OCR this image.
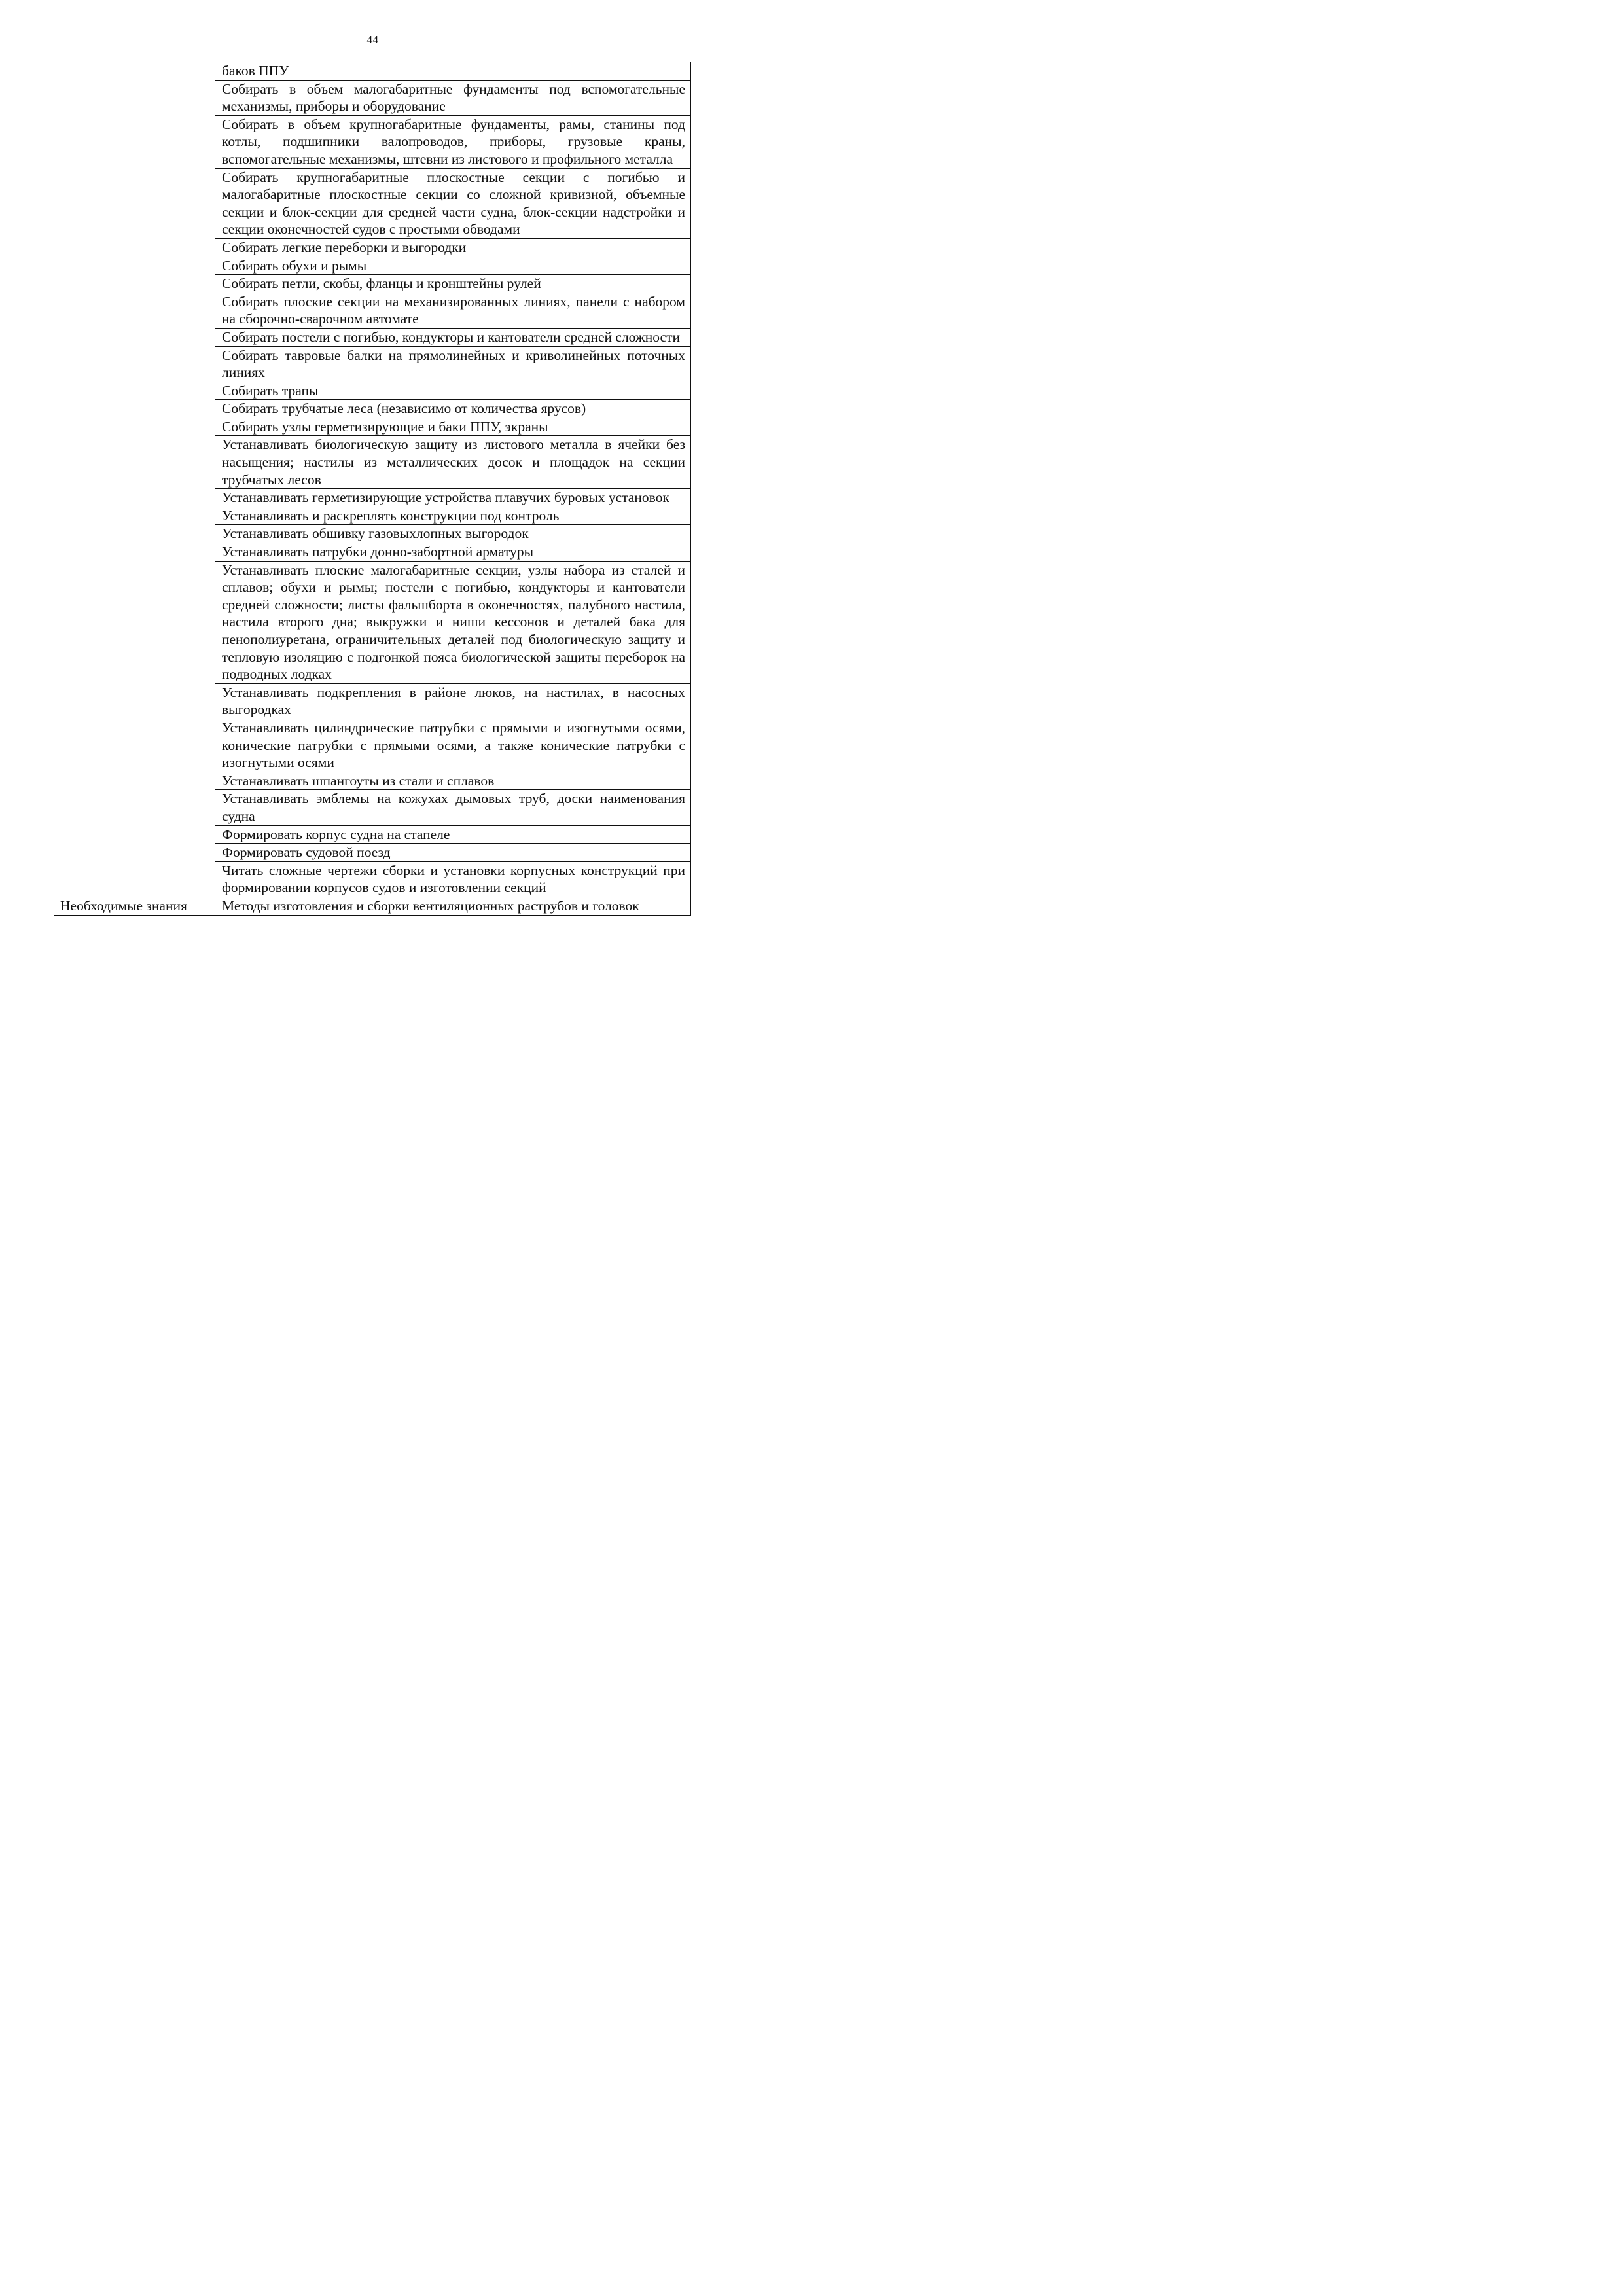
44
	баков ППУ
	Собирать в объем малогабаритные фундаменты под вспомогательные механизмы, приборы и оборудование
	Собирать в объем крупногабаритные фундаменты, рамы, станины под котлы, подшипники валопроводов, приборы, грузовые краны, вспомогательные механизмы, штевни из листового и профильного металла
	Собирать крупногабаритные плоскостные секции с погибью и малогабаритные плоскостные секции со сложной кривизной, объемные секции и блок-секции для средней части судна, блок-секции надстройки и секции оконечностей судов с простыми обводами
	Собирать легкие переборки и выгородки
	Собирать обухи и рымы
	Собирать петли, скобы, фланцы и кронштейны рулей
	Собирать плоские секции на механизированных линиях, панели с набором на сборочно-сварочном автомате
	Собирать постели с погибью, кондукторы и кантователи средней сложности
	Собирать тавровые балки на прямолинейных и криволинейных поточных линиях
	Собирать трапы
	Собирать трубчатые леса (независимо от количества ярусов)
	Собирать узлы герметизирующие и баки ППУ, экраны
	Устанавливать биологическую защиту из листового металла в ячейки без насыщения; настилы из металлических досок и площадок на секции трубчатых лесов
	Устанавливать герметизирующие устройства плавучих буровых установок
	Устанавливать и раскреплять конструкции под контроль
	Устанавливать обшивку газовыхлопных выгородок
	Устанавливать патрубки донно-забортной арматуры
	Устанавливать плоские малогабаритные секции, узлы набора из сталей и сплавов; обухи и рымы; постели с погибью, кондукторы и кантователи средней сложности; листы фальшборта в оконечностях, палубного настила, настила второго дна; выкружки и ниши кессонов и деталей бака для пенополиуретана, ограничительных деталей под биологическую защиту и тепловую изоляцию с подгонкой пояса биологической защиты переборок на подводных лодках
	Устанавливать подкрепления в районе люков, на настилах, в насосных выгородках
	Устанавливать цилиндрические патрубки с прямыми и изогнутыми осями, конические патрубки с прямыми осями, а также конические патрубки с изогнутыми осями
	Устанавливать шпангоуты из стали и сплавов
	Устанавливать эмблемы на кожухах дымовых труб, доски наименования судна
	Формировать корпус судна на стапеле
	Формировать судовой поезд
	Читать сложные чертежи сборки и установки корпусных конструкций при формировании корпусов судов и изготовлении секций
Необходимые знания	Методы изготовления и сборки вентиляционных раструбов и головок
